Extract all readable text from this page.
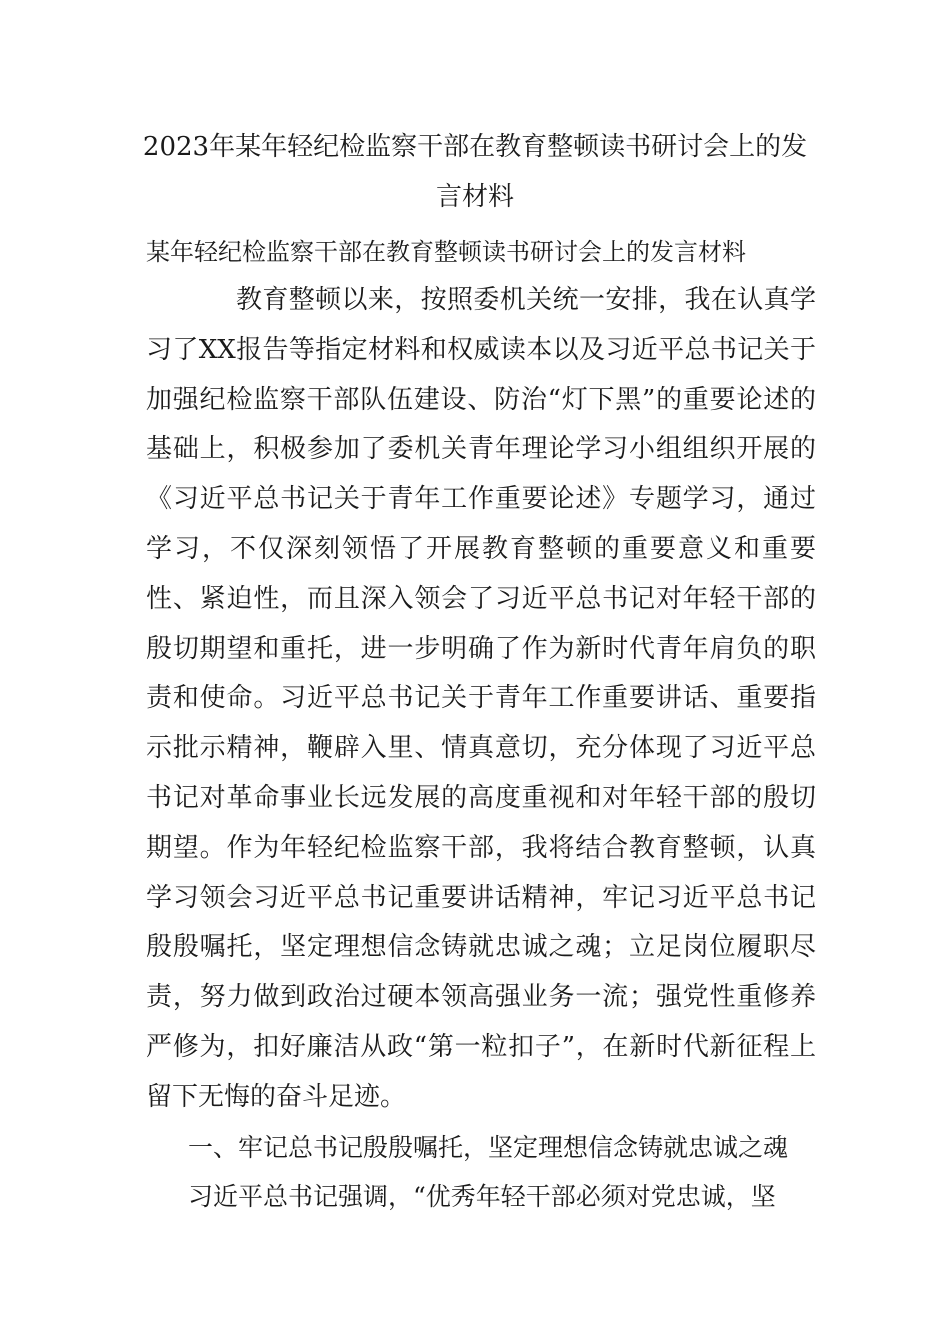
2023年某年轻纪检监察干部在教育整顿读书研讨会上的发言材料
某年轻纪检监察干部在教育整顿读书研讨会上的发言材料

教育整顿以来，按照委机关统一安排，我在认真学习了XX报告等指定材料和权威读本以及习近平总书记关于加强纪检监察干部队伍建设、防治“灯下黑”的重要论述的基础上，积极参加了委机关青年理论学习小组组织开展的《习近平总书记关于青年工作重要论述》专题学习，通过学习，不仅深刻领悟了开展教育整顿的重要意义和重要性、紧迫性，而且深入领会了习近平总书记对年轻干部的殷切期望和重托，进一步明确了作为新时代青年肩负的职责和使命。习近平总书记关于青年工作重要讲话、重要指示批示精神，鞭辟入里、情真意切，充分体现了习近平总书记对革命事业长远发展的高度重视和对年轻干部的殷切期望。作为年轻纪检监察干部，我将结合教育整顿，认真学习领会习近平总书记重要讲话精神，牢记习近平总书记殷殷嘱托，坚定理想信念铸就忠诚之魂；立足岗位履职尽责，努力做到政治过硬本领高强业务一流；强党性重修养严修为，扣好廉洁从政“第一粒扣子”，在新时代新征程上留下无悔的奋斗足迹。

一、牢记总书记殷殷嘱托，坚定理想信念铸就忠诚之魂

习近平总书记强调，“优秀年轻干部必须对党忠诚，坚
